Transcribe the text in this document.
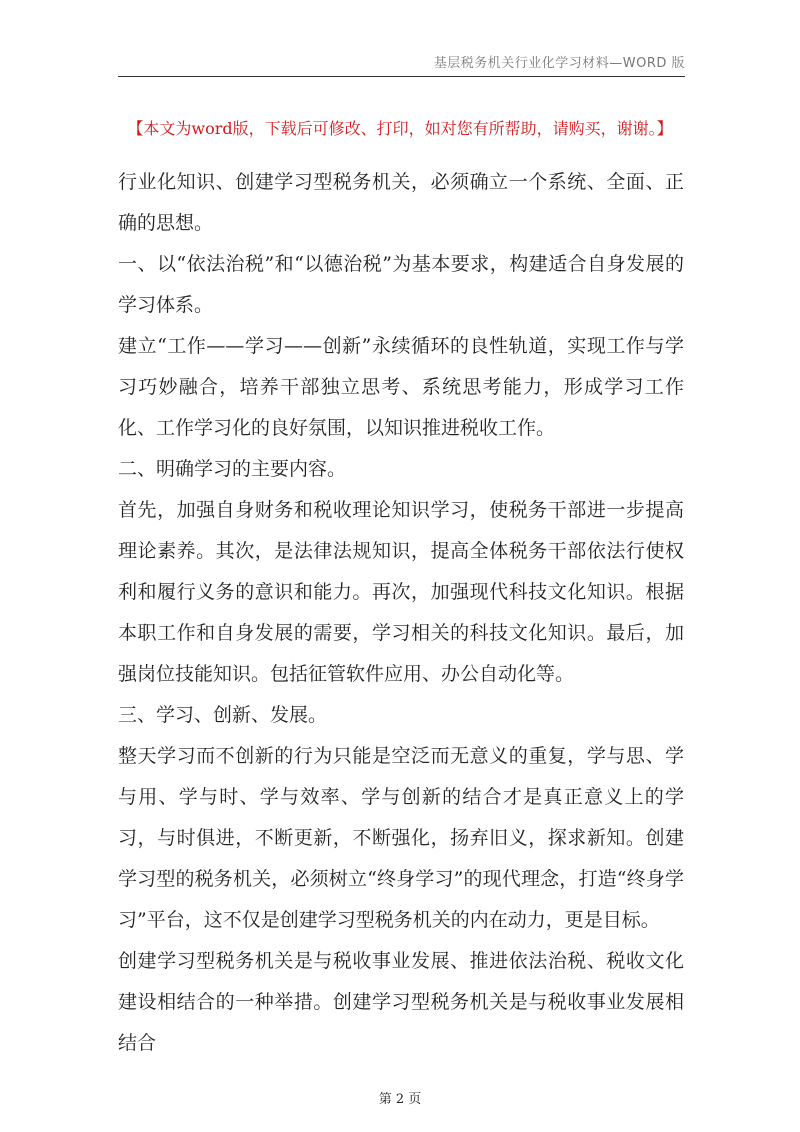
基层税务机关行业化学习材料—WORD 版
【本文为word版，下载后可修改、打印，如对您有所帮助，请购买，谢谢。】

行业化知识、创建学习型税务机关，必须确立一个系统、全面、正确的思想。

一、以“依法治税”和“以德治税”为基本要求，构建适合自身发展的学习体系。

建立“工作——学习——创新”永续循环的良性轨道，实现工作与学习巧妙融合，培养干部独立思考、系统思考能力，形成学习工作化、工作学习化的良好氛围，以知识推进税收工作。

二、明确学习的主要内容。

首先，加强自身财务和税收理论知识学习，使税务干部进一步提高理论素养。其次，是法律法规知识，提高全体税务干部依法行使权利和履行义务的意识和能力。再次，加强现代科技文化知识。根据本职工作和自身发展的需要，学习相关的科技文化知识。最后，加强岗位技能知识。包括征管软件应用、办公自动化等。

三、学习、创新、发展。

整天学习而不创新的行为只能是空泛而无意义的重复，学与思、学与用、学与时、学与效率、学与创新的结合才是真正意义上的学习，与时俱进，不断更新，不断强化，扬弃旧义，探求新知。创建学习型的税务机关，必须树立“终身学习”的现代理念，打造“终身学习”平台，这不仅是创建学习型税务机关的内在动力，更是目标。

创建学习型税务机关是与税收事业发展、推进依法治税、税收文化建设相结合的一种举措。创建学习型税务机关是与税收事业发展相结合

第 2 页
